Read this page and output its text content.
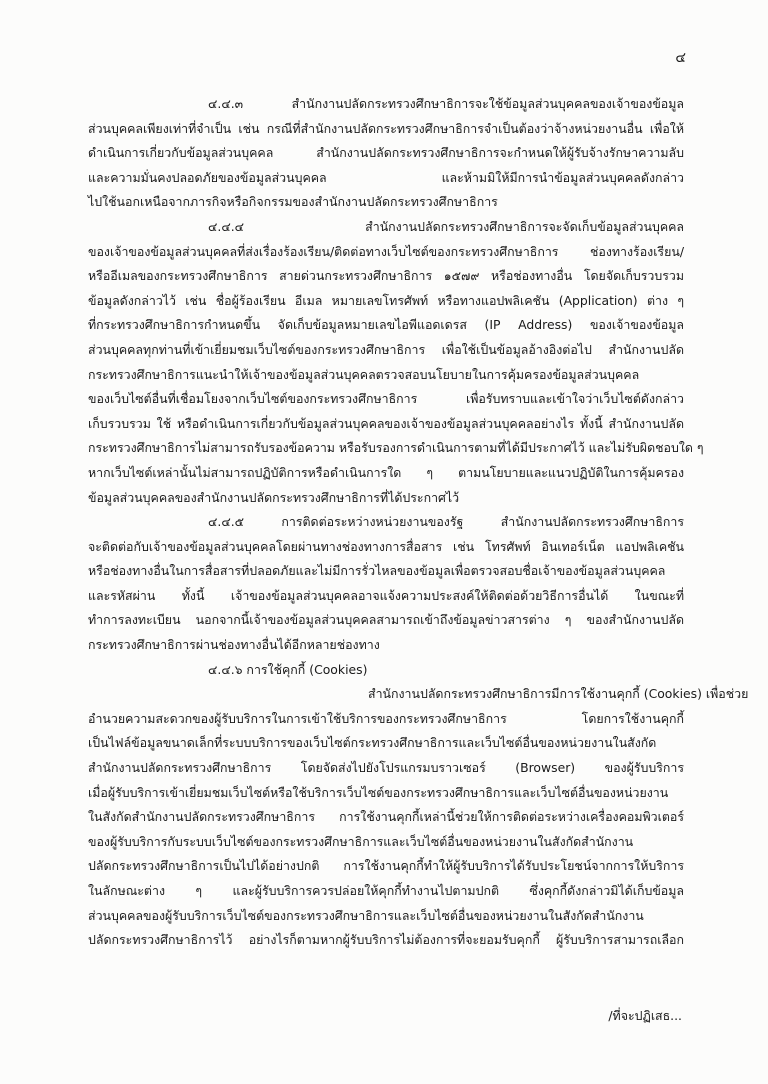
๔
๔.๔.๓ สำนักงานปลัดกระทรวงศึกษาธิการจะใช้ข้อมูลส่วนบุคคลของเจ้าของข้อมูล
ส่วนบุคคลเพียงเท่าที่จำเป็น เช่น กรณีที่สำนักงานปลัดกระทรวงศึกษาธิการจำเป็นต้องว่าจ้างหน่วยงานอื่น เพื่อให้
ดำเนินการเกี่ยวกับข้อมูลส่วนบุคคล สำนักงานปลัดกระทรวงศึกษาธิการจะกำหนดให้ผู้รับจ้างรักษาความลับ
และความมั่นคงปลอดภัยของข้อมูลส่วนบุคคล และห้ามมิให้มีการนำข้อมูลส่วนบุคคลดังกล่าว
ไปใช้นอกเหนือจากภารกิจหรือกิจกรรมของสำนักงานปลัดกระทรวงศึกษาธิการ
๔.๔.๔ สำนักงานปลัดกระทรวงศึกษาธิการจะจัดเก็บข้อมูลส่วนบุคคล
ของเจ้าของข้อมูลส่วนบุคคลที่ส่งเรื่องร้องเรียน/ติดต่อทางเว็บไซต์ของกระทรวงศึกษาธิการ ช่องทางร้องเรียน/
หรืออีเมลของกระทรวงศึกษาธิการ สายด่วนกระทรวงศึกษาธิการ ๑๕๗๙ หรือช่องทางอื่น โดยจัดเก็บรวบรวม
ข้อมูลดังกล่าวไว้ เช่น ชื่อผู้ร้องเรียน อีเมล หมายเลขโทรศัพท์ หรือทางแอปพลิเคชัน (Application) ต่าง ๆ
ที่กระทรวงศึกษาธิการกำหนดขึ้น จัดเก็บข้อมูลหมายเลขไอพีแอดเดรส (IP Address) ของเจ้าของข้อมูล
ส่วนบุคคลทุกท่านที่เข้าเยี่ยมชมเว็บไซต์ของกระทรวงศึกษาธิการ เพื่อใช้เป็นข้อมูลอ้างอิงต่อไป สำนักงานปลัด
กระทรวงศึกษาธิการแนะนำให้เจ้าของข้อมูลส่วนบุคคลตรวจสอบนโยบายในการคุ้มครองข้อมูลส่วนบุคคล
ของเว็บไซต์อื่นที่เชื่อมโยงจากเว็บไซต์ของกระทรวงศึกษาธิการ เพื่อรับทราบและเข้าใจว่าเว็บไซต์ดังกล่าว
เก็บรวบรวม ใช้ หรือดำเนินการเกี่ยวกับข้อมูลส่วนบุคคลของเจ้าของข้อมูลส่วนบุคคลอย่างไร ทั้งนี้ สำนักงานปลัด
กระทรวงศึกษาธิการไม่สามารถรับรองข้อความ หรือรับรองการดำเนินการตามที่ได้มีประกาศไว้ และไม่รับผิดชอบใด ๆ
หากเว็บไซต์เหล่านั้นไม่สามารถปฏิบัติการหรือดำเนินการใด ๆ ตามนโยบายและแนวปฏิบัติในการคุ้มครอง
ข้อมูลส่วนบุคคลของสำนักงานปลัดกระทรวงศึกษาธิการที่ได้ประกาศไว้
๔.๔.๕ การติดต่อระหว่างหน่วยงานของรัฐ สำนักงานปลัดกระทรวงศึกษาธิการ
จะติดต่อกับเจ้าของข้อมูลส่วนบุคคลโดยผ่านทางช่องทางการสื่อสาร เช่น โทรศัพท์ อินเทอร์เน็ต แอปพลิเคชัน
หรือช่องทางอื่นในการสื่อสารที่ปลอดภัยและไม่มีการรั่วไหลของข้อมูลเพื่อตรวจสอบชื่อเจ้าของข้อมูลส่วนบุคคล
และรหัสผ่าน ทั้งนี้ เจ้าของข้อมูลส่วนบุคคลอาจแจ้งความประสงค์ให้ติดต่อด้วยวิธีการอื่นได้ ในขณะที่
ทำการลงทะเบียน นอกจากนี้เจ้าของข้อมูลส่วนบุคคลสามารถเข้าถึงข้อมูลข่าวสารต่าง ๆ ของสำนักงานปลัด
กระทรวงศึกษาธิการผ่านช่องทางอื่นได้อีกหลายช่องทาง
๔.๔.๖ การใช้คุกกี้ (Cookies)
สำนักงานปลัดกระทรวงศึกษาธิการมีการใช้งานคุกกี้ (Cookies) เพื่อช่วย
อำนวยความสะดวกของผู้รับบริการในการเข้าใช้บริการของกระทรวงศึกษาธิการ โดยการใช้งานคุกกี้
เป็นไฟล์ข้อมูลขนาดเล็กที่ระบบบริการของเว็บไซต์กระทรวงศึกษาธิการและเว็บไซต์อื่นของหน่วยงานในสังกัด
สำนักงานปลัดกระทรวงศึกษาธิการ โดยจัดส่งไปยังโปรแกรมบราวเซอร์ (Browser) ของผู้รับบริการ
เมื่อผู้รับบริการเข้าเยี่ยมชมเว็บไซต์หรือใช้บริการเว็บไซต์ของกระทรวงศึกษาธิการและเว็บไซต์อื่นของหน่วยงาน
ในสังกัดสำนักงานปลัดกระทรวงศึกษาธิการ การใช้งานคุกกี้เหล่านี้ช่วยให้การติดต่อระหว่างเครื่องคอมพิวเตอร์
ของผู้รับบริการกับระบบเว็บไซต์ของกระทรวงศึกษาธิการและเว็บไซต์อื่นของหน่วยงานในสังกัดสำนักงาน
ปลัดกระทรวงศึกษาธิการเป็นไปได้อย่างปกติ การใช้งานคุกกี้ทำให้ผู้รับบริการได้รับประโยชน์จากการให้บริการ
ในลักษณะต่าง ๆ และผู้รับบริการควรปล่อยให้คุกกี้ทำงานไปตามปกติ ซึ่งคุกกี้ดังกล่าวมิได้เก็บข้อมูล
ส่วนบุคคลของผู้รับบริการเว็บไซต์ของกระทรวงศึกษาธิการและเว็บไซต์อื่นของหน่วยงานในสังกัดสำนักงาน
ปลัดกระทรวงศึกษาธิการไว้ อย่างไรก็ตามหากผู้รับบริการไม่ต้องการที่จะยอมรับคุกกี้ ผู้รับบริการสามารถเลือก
/ที่จะปฏิเสธ...
